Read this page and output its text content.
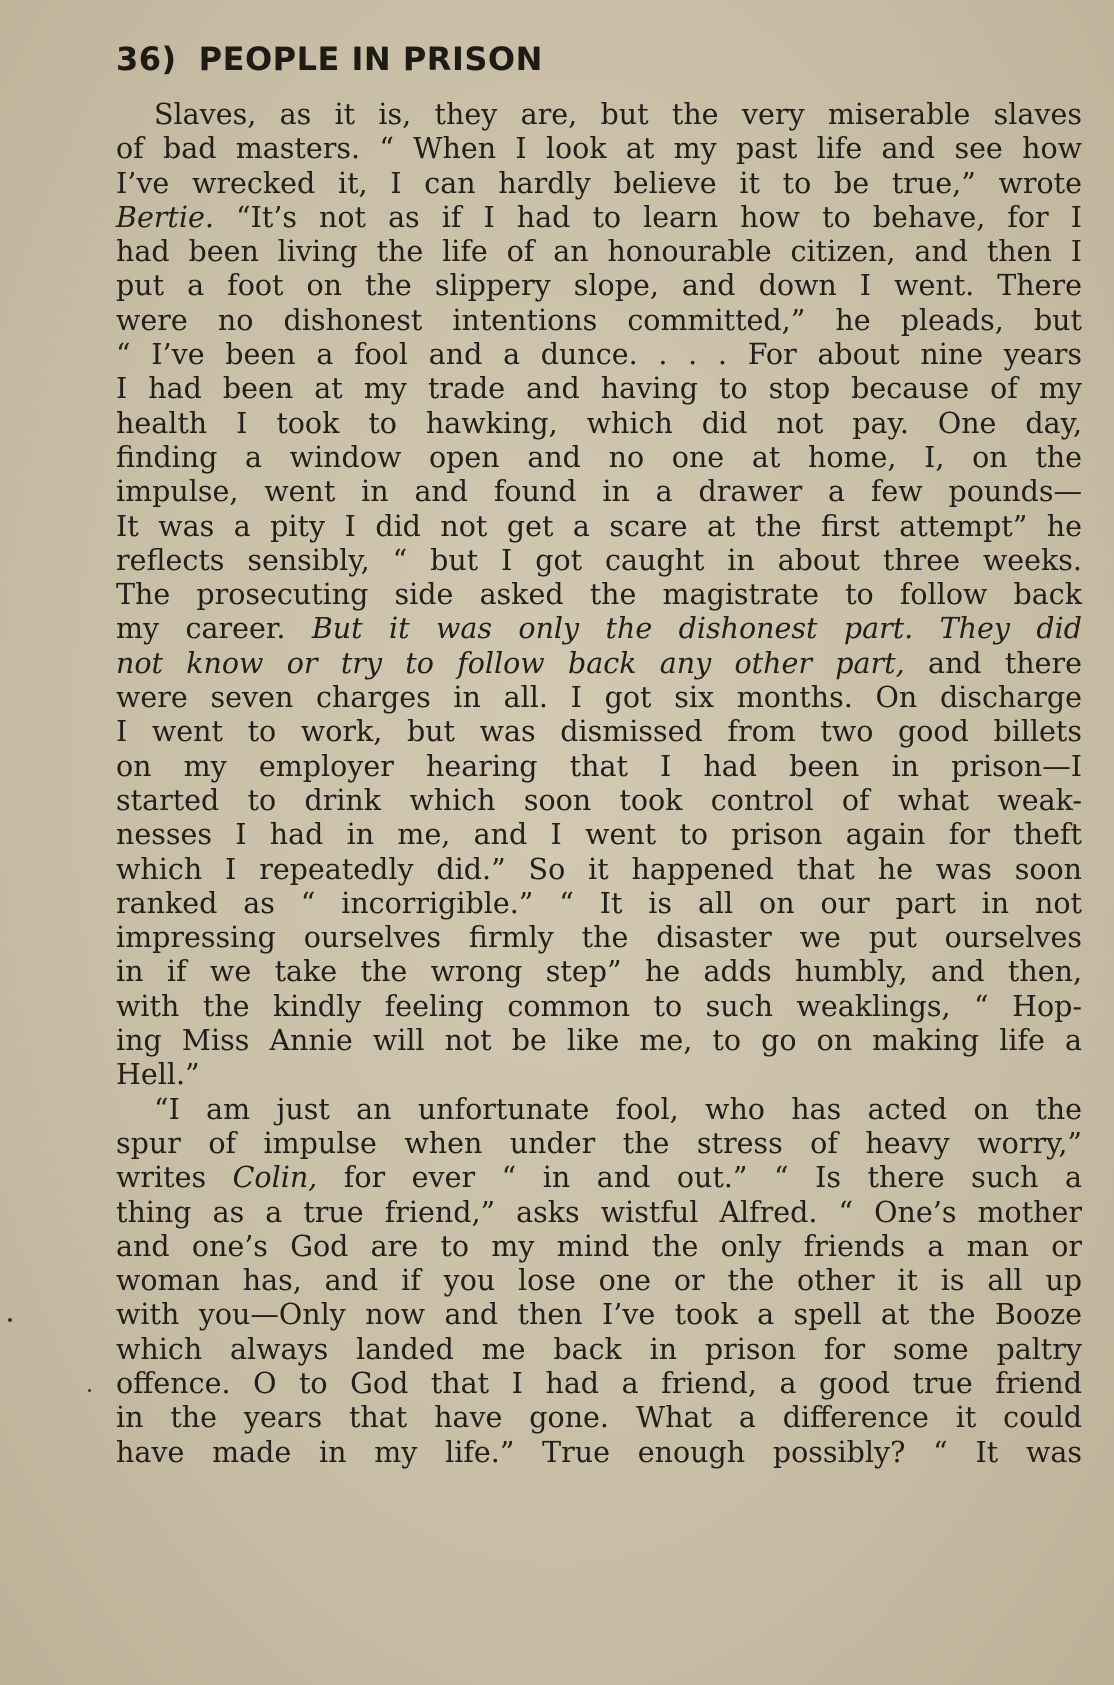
36) PEOPLE IN PRISON
Slaves, as it is, they are, but the very miserable slaves
of bad masters. “ When I look at my past life and see how
I’ve wrecked it, I can hardly believe it to be true,” wrote
Bertie. “It’s not as if I had to learn how to behave, for I
had been living the life of an honourable citizen, and then I
put a foot on the slippery slope, and down I went. There
were no dishonest intentions committed,” he pleads, but
“ I’ve been a fool and a dunce. . . . For about nine years
I had been at my trade and having to stop because of my
health I took to hawking, which did not pay. One day,
finding a window open and no one at home, I, on the
impulse, went in and found in a drawer a few pounds—
It was a pity I did not get a scare at the first attempt” he
reflects sensibly, “ but I got caught in about three weeks.
The prosecuting side asked the magistrate to follow back
my career. But it was only the dishonest part. They did
not know or try to follow back any other part, and there
were seven charges in all. I got six months. On discharge
I went to work, but was dismissed from two good billets
on my employer hearing that I had been in prison—I
started to drink which soon took control of what weak-
nesses I had in me, and I went to prison again for theft
which I repeatedly did.” So it happened that he was soon
ranked as “ incorrigible.” “ It is all on our part in not
impressing ourselves firmly the disaster we put ourselves
in if we take the wrong step” he adds humbly, and then,
with the kindly feeling common to such weaklings, “ Hop-
ing Miss Annie will not be like me, to go on making life a
Hell.”
“I am just an unfortunate fool, who has acted on the
spur of impulse when under the stress of heavy worry,”
writes Colin, for ever “ in and out.” “ Is there such a
thing as a true friend,” asks wistful Alfred. “ One’s mother
and one’s God are to my mind the only friends a man or
woman has, and if you lose one or the other it is all up
with you—Only now and then I’ve took a spell at the Booze
which always landed me back in prison for some paltry
offence. O to God that I had a friend, a good true friend
in the years that have gone. What a difference it could
have made in my life.” True enough possibly? “ It was
